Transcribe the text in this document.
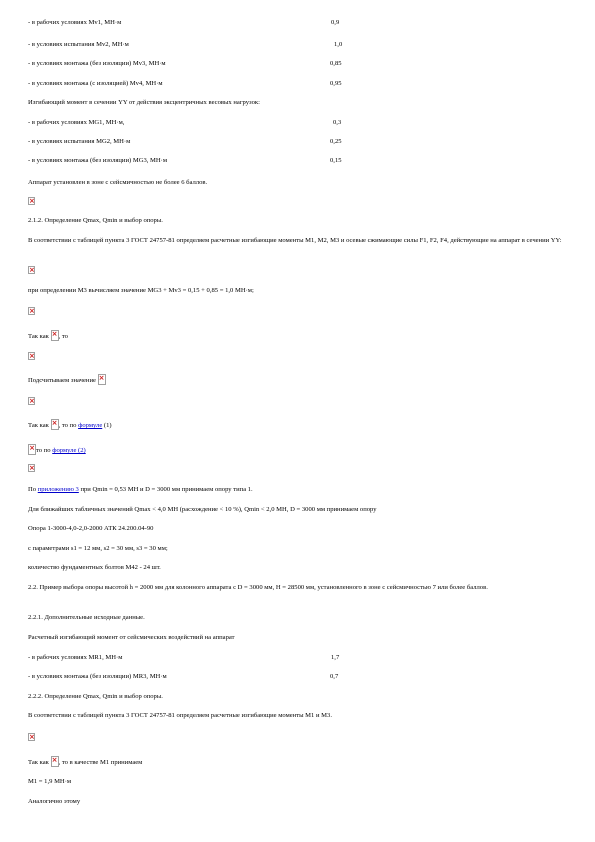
- в рабочих условиях Mv1, МН·м	0,9
- в условиях испытания Mv2, МН·м	1,0
- в условиях монтажа (без изоляции) Mv3, МН·м	0,85
- в условиях монтажа (с изоляцией) Mv4, МН·м	0,95
Изгибающий момент в сечении YY от действия эксцентричных весовых нагрузок:
- в рабочих условиях MG1, МН·м,	0,3
- в условиях испытания MG2, МН·м	0,25
- в условиях монтажа (без изоляции) MG3, МН·м	0,15
Аппарат установлен в зоне с сейсмичностью не более 6 баллов.
×
2.1.2. Определение Qmax, Qmin и выбор опоры.
В соответствии с таблицей пункта 3 ГОСТ 24757-81 определяем расчетные изгибающие моменты M1, M2, M3 и осевые сжимающие силы F1, F2, F4, действующие на аппарат в сечении YY:
×
при определении M3 вычисляем значение MG3 + Mv3 = 0,15 + 0,85 = 1,0 МН·м;
×
Так как × , то
×
Подсчитываем значение ×
×
Так как × , то по формуле (1)
×то по формуле (2)
×
По приложению 3 при Qmin = 0,53 МН и D = 3000 мм принимаем опору типа 1.
Для ближайших табличных значений Qmax < 4,0 МН (расхождение < 10 %), Qmin < 2,0 МН, D = 3000 мм принимаем опору
Опора 1-3000-4,0-2,0-2000 АТК 24.200.04-90
с параметрами s1 = 12 мм, s2 = 30 мм, s3 = 30 мм;
количество фундаментных болтов М42 - 24 шт.
2.2. Пример выбора опоры высотой h = 2000 мм для колонного аппарата с D = 3000 мм, H = 28500 мм, установленного в зоне с сейсмичностью 7 или более баллов.
2.2.1. Дополнительные исходные данные.
Расчетный изгибающий момент от сейсмических воздействий на аппарат
- в рабочих условиях MR1, МН·м	1,7
- в условиях монтажа (без изоляции) MR3, МН·м	0,7
2.2.2. Определение Qmax, Qmin и выбор опоры.
В соответствии с таблицей пункта 3 ГОСТ 24757-81 определяем расчетные изгибающие моменты M1 и M3.
×
Так как × , то в качестве M1 принимаем
M1 = 1,9 МН·м
Аналогично этому
